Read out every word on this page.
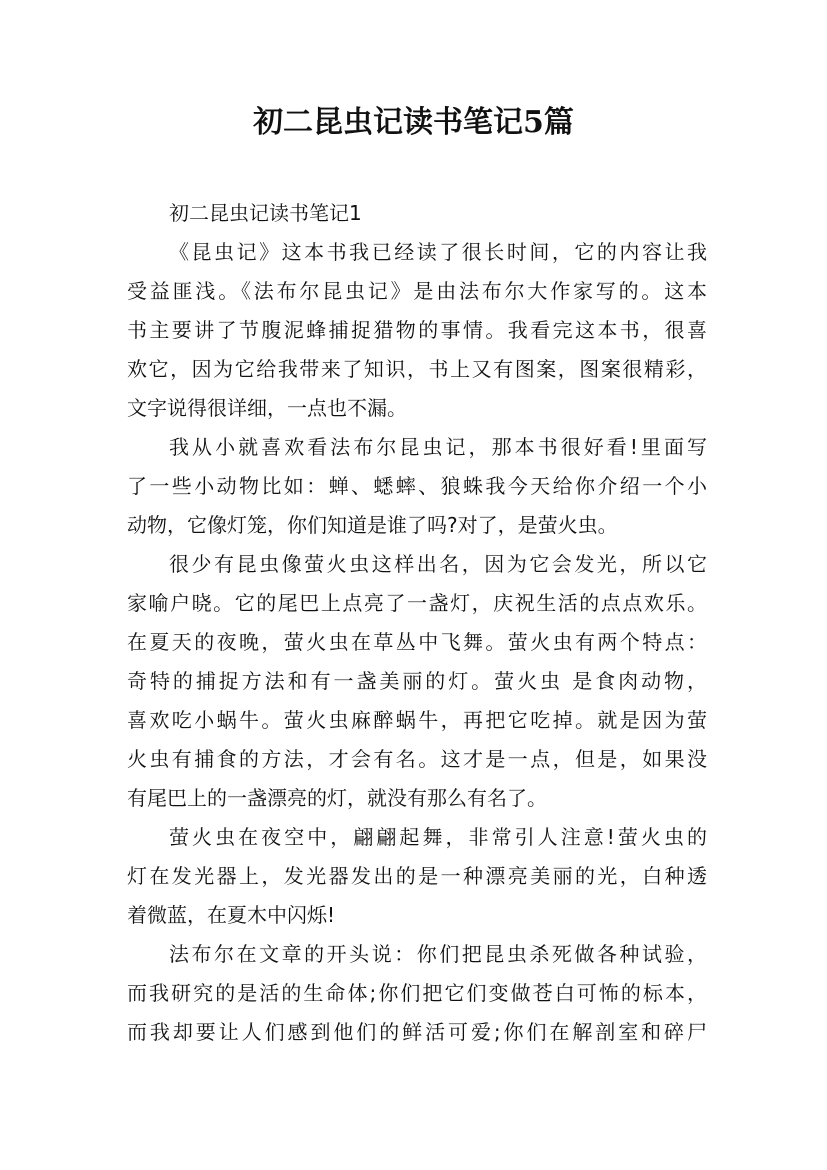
初二昆虫记读书笔记5篇
初二昆虫记读书笔记1
《昆虫记》这本书我已经读了很长时间，它的内容让我
受益匪浅。《法布尔昆虫记》是由法布尔大作家写的。这本
书主要讲了节腹泥蜂捕捉猎物的事情。我看完这本书，很喜
欢它，因为它给我带来了知识，书上又有图案，图案很精彩，
文字说得很详细，一点也不漏。
我从小就喜欢看法布尔昆虫记，那本书很好看!里面写
了一些小动物比如：蝉、蟋蟀、狼蛛我今天给你介绍一个小
动物，它像灯笼，你们知道是谁了吗?对了，是萤火虫。
很少有昆虫像萤火虫这样出名，因为它会发光，所以它
家喻户晓。它的尾巴上点亮了一盏灯，庆祝生活的点点欢乐。
在夏天的夜晚，萤火虫在草丛中飞舞。萤火虫有两个特点：
奇特的捕捉方法和有一盏美丽的灯。萤火虫 是食肉动物，
喜欢吃小蜗牛。萤火虫麻醉蜗牛，再把它吃掉。就是因为萤
火虫有捕食的方法，才会有名。这才是一点，但是，如果没
有尾巴上的一盏漂亮的灯，就没有那么有名了。
萤火虫在夜空中，翩翩起舞，非常引人注意!萤火虫的
灯在发光器上，发光器发出的是一种漂亮美丽的光，白种透
着微蓝，在夏木中闪烁!
法布尔在文章的开头说：你们把昆虫杀死做各种试验，
而我研究的是活的生命体;你们把它们变做苍白可怖的标本，
而我却要让人们感到他们的鲜活可爱;你们在解剖室和碎尸
